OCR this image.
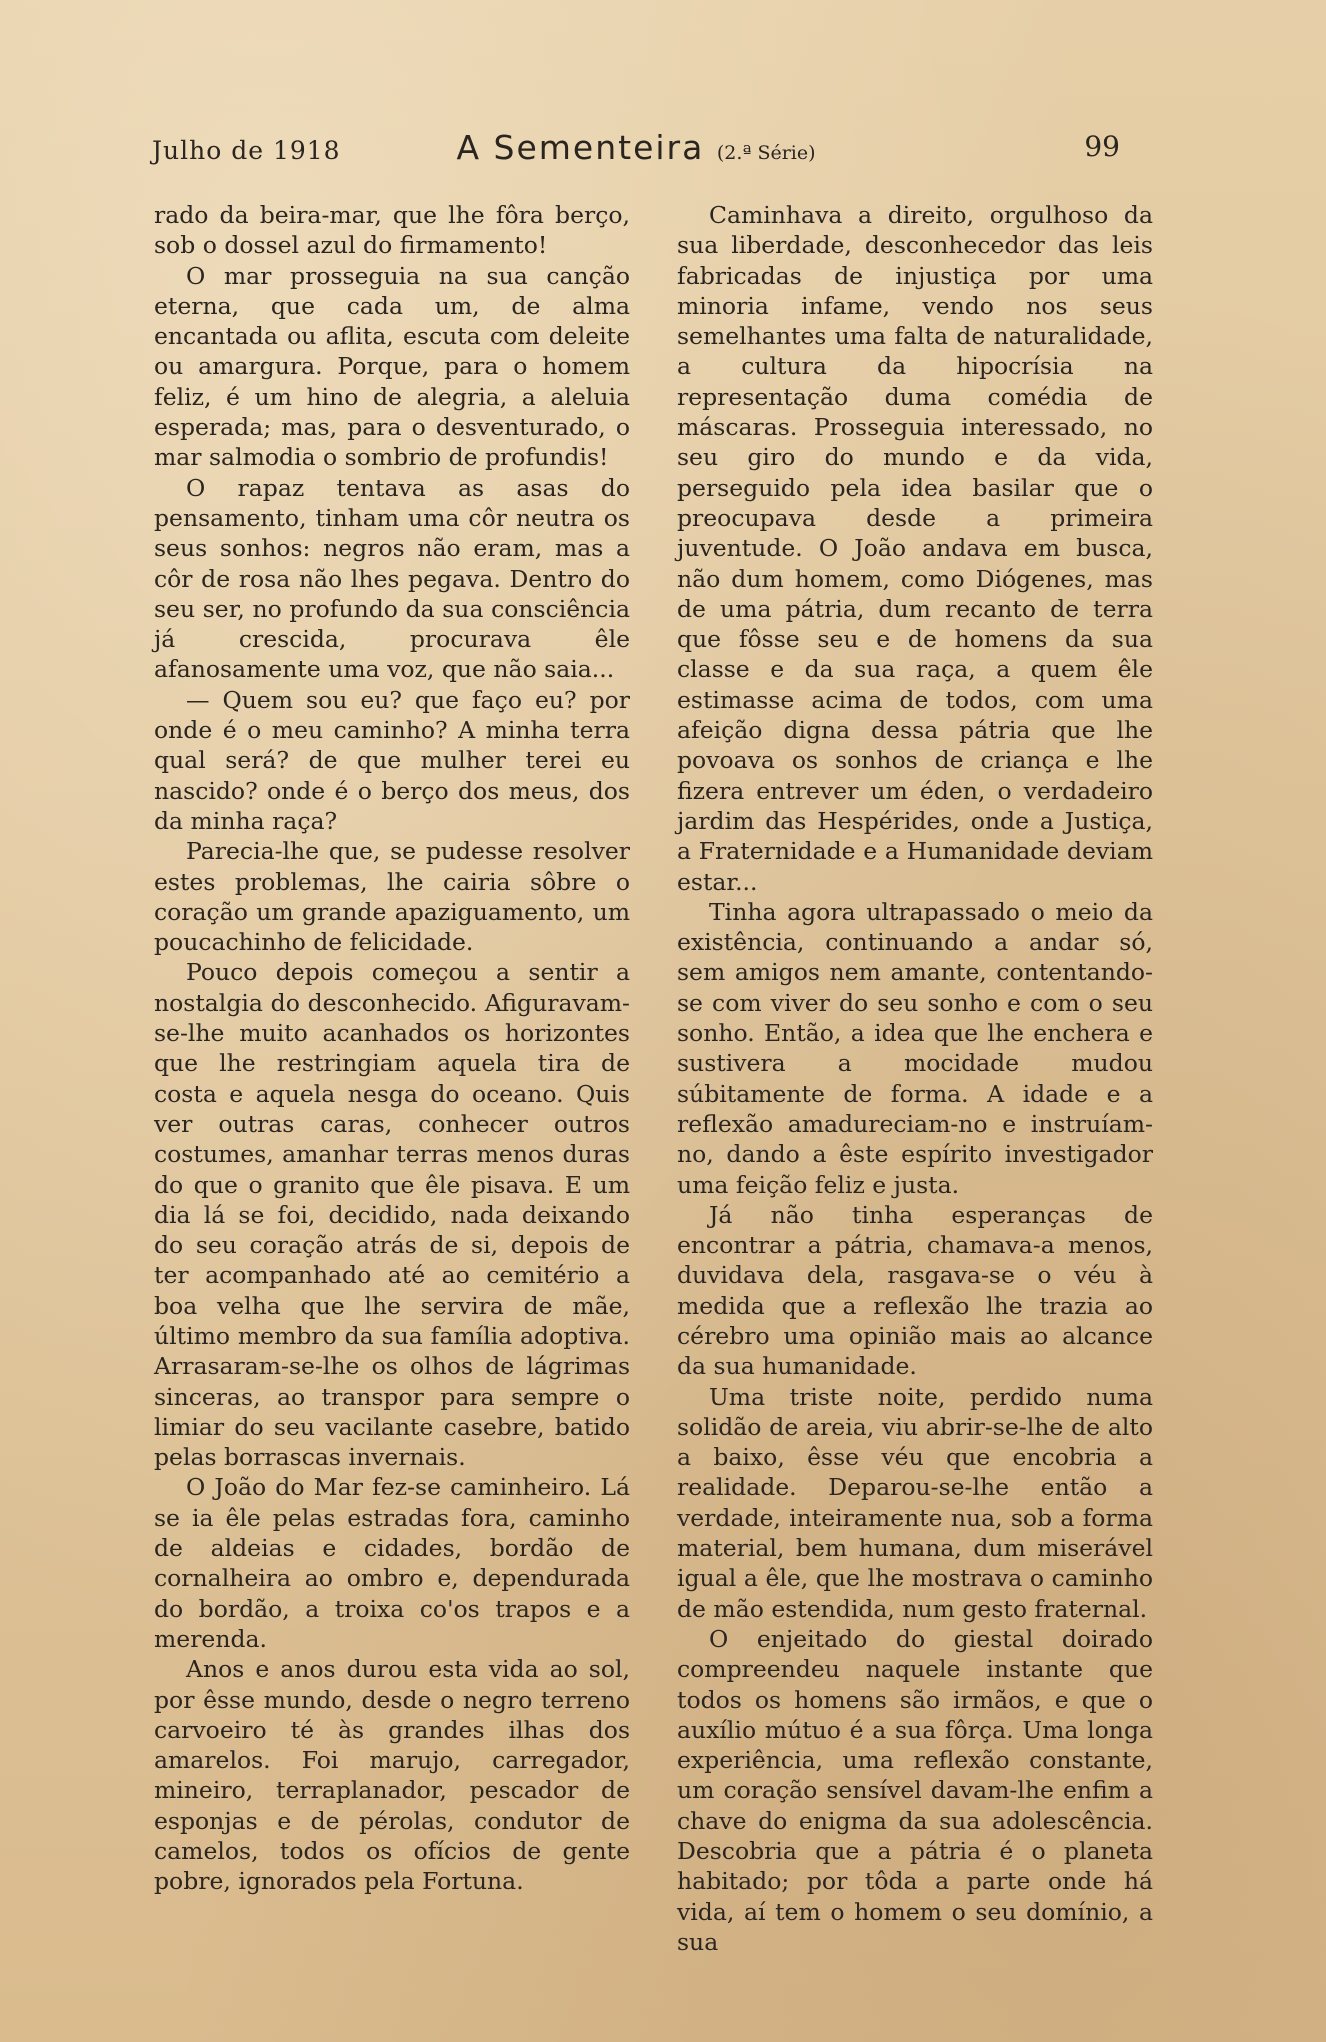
Julho de 1918	A Sementeira (2.ª Série)	99

rado da beira-mar, que lhe fôra berço, sob o dossel azul do firmamento!

O mar prosseguia na sua canção eterna, que cada um, de alma encantada ou aflita, escuta com deleite ou amargura. Porque, para o homem feliz, é um hino de alegria, a aleluia esperada; mas, para o desventurado, o mar salmodia o sombrio de profundis!

O rapaz tentava as asas do pensamento, tinham uma côr neutra os seus sonhos: negros não eram, mas a côr de rosa não lhes pegava. Dentro do seu ser, no profundo da sua consciência já crescida, procurava êle afanosamente uma voz, que não saia...

— Quem sou eu? que faço eu? por onde é o meu caminho? A minha terra qual será? de que mulher terei eu nascido? onde é o berço dos meus, dos da minha raça?

Parecia-lhe que, se pudesse resolver estes problemas, lhe cairia sôbre o coração um grande apaziguamento, um poucachinho de felicidade.

Pouco depois começou a sentir a nostalgia do desconhecido. Afiguravam-se-lhe muito acanhados os horizontes que lhe restringiam aquela tira de costa e aquela nesga do oceano. Quis ver outras caras, conhecer outros costumes, amanhar terras menos duras do que o granito que êle pisava. E um dia lá se foi, decidido, nada deixando do seu coração atrás de si, depois de ter acompanhado até ao cemitério a boa velha que lhe servira de mãe, último membro da sua família adoptiva. Arrasaram-se-lhe os olhos de lágrimas sinceras, ao transpor para sempre o limiar do seu vacilante casebre, batido pelas borrascas invernais.

O João do Mar fez-se caminheiro. Lá se ia êle pelas estradas fora, caminho de aldeias e cidades, bordão de cornalheira ao ombro e, dependurada do bordão, a troixa co'os trapos e a merenda.

Anos e anos durou esta vida ao sol, por êsse mundo, desde o negro terreno carvoeiro té às grandes ilhas dos amarelos. Foi marujo, carregador, mineiro, terraplanador, pescador de esponjas e de pérolas, condutor de camelos, todos os ofícios de gente pobre, ignorados pela Fortuna.

Caminhava a direito, orgulhoso da sua liberdade, desconhecedor das leis fabricadas de injustiça por uma minoria infame, vendo nos seus semelhantes uma falta de naturalidade, a cultura da hipocrísia na representação duma comédia de máscaras. Prosseguia interessado, no seu giro do mundo e da vida, perseguido pela idea basilar que o preocupava desde a primeira juventude. O João andava em busca, não dum homem, como Diógenes, mas de uma pátria, dum recanto de terra que fôsse seu e de homens da sua classe e da sua raça, a quem êle estimasse acima de todos, com uma afeição digna dessa pátria que lhe povoava os sonhos de criança e lhe fizera entrever um éden, o verdadeiro jardim das Hespérides, onde a Justiça, a Fraternidade e a Humanidade deviam estar...

Tinha agora ultrapassado o meio da existência, continuando a andar só, sem amigos nem amante, contentando-se com viver do seu sonho e com o seu sonho. Então, a idea que lhe enchera e sustivera a mocidade mudou súbitamente de forma. A idade e a reflexão amadureciam-no e instruíam-no, dando a êste espírito investigador uma feição feliz e justa.

Já não tinha esperanças de encontrar a pátria, chamava-a menos, duvidava dela, rasgava-se o véu à medida que a reflexão lhe trazia ao cérebro uma opinião mais ao alcance da sua humanidade.

Uma triste noite, perdido numa solidão de areia, viu abrir-se-lhe de alto a baixo, êsse véu que encobria a realidade. Deparou-se-lhe então a verdade, inteiramente nua, sob a forma material, bem humana, dum miserável igual a êle, que lhe mostrava o caminho de mão estendida, num gesto fraternal.

O enjeitado do giestal doirado compreendeu naquele instante que todos os homens são irmãos, e que o auxílio mútuo é a sua fôrça. Uma longa experiência, uma reflexão constante, um coração sensível davam-lhe enfim a chave do enigma da sua adolescência. Descobria que a pátria é o planeta habitado; por tôda a parte onde há vida, aí tem o homem o seu domínio, a sua
